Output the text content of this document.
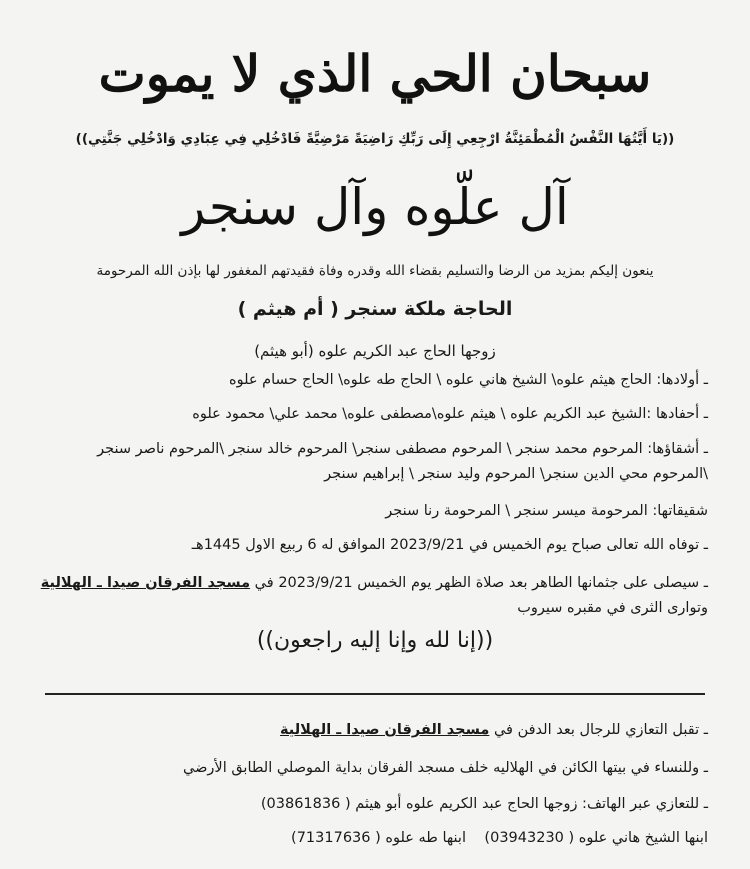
سبحان الحي الذي لا يموت
((يَا أَيَّتُهَا النَّفْسُ الْمُطْمَئِنَّةُ ارْجِعِي إِلَى رَبِّكِ رَاضِيَةً مَرْضِيَّةً فَادْخُلِي فِي عِبَادِي وَادْخُلِي جَنَّتِي))
آل علّوه وآل سنجر
ينعون إليكم بمزيد من الرضا والتسليم بقضاء الله وقدره وفاة فقيدتهم المغفور لها بإذن الله المرحومة
الحاجة ملكة سنجر ( أم هيثم )
زوجها الحاج عبد الكريم علوه (أبو هيثم)
ـ أولادها: الحاج هيثم علوه\ الشيخ هاني علوه \ الحاج طه علوه\ الحاج حسام علوه
ـ أحفادها :الشيخ عبد الكريم علوه \ هيثم علوه\مصطفى علوه\ محمد علي\ محمود علوه
ـ أشقاؤها: المرحوم محمد سنجر \ المرحوم مصطفى سنجر\ المرحوم خالد سنجر \المرحوم ناصر سنجر \المرحوم محي الدين سنجر\ المرحوم وليد سنجر \ إبراهيم سنجر
شقيقاتها: المرحومة ميسر سنجر \ المرحومة رنا سنجر
ـ توفاه الله تعالى صباح يوم الخميس في 2023/9/21 الموافق له 6 ربيع الاول 1445هـ
ـ سيصلى على جثمانها الطاهر بعد صلاة الظهر يوم الخميس 2023/9/21 في مسجد الفرقان صيدا ـ الهلالية وتوارى الثرى في مقبره سيروب
((إنا لله وإنا إليه راجعون))
ـ تقبل التعازي للرجال بعد الدفن في مسجد الفرقان صيدا ـ الهلالية
ـ وللنساء في بيتها الكائن في الهلاليه خلف مسجد الفرقان بداية الموصلي الطابق الأرضي
ـ للتعازي عبر الهاتف: زوجها الحاج عبد الكريم علوه أبو هيثم ( 03861836)
ابنها الشيخ هاني علوه ( 03943230)    ابنها طه علوه ( 71317636)
